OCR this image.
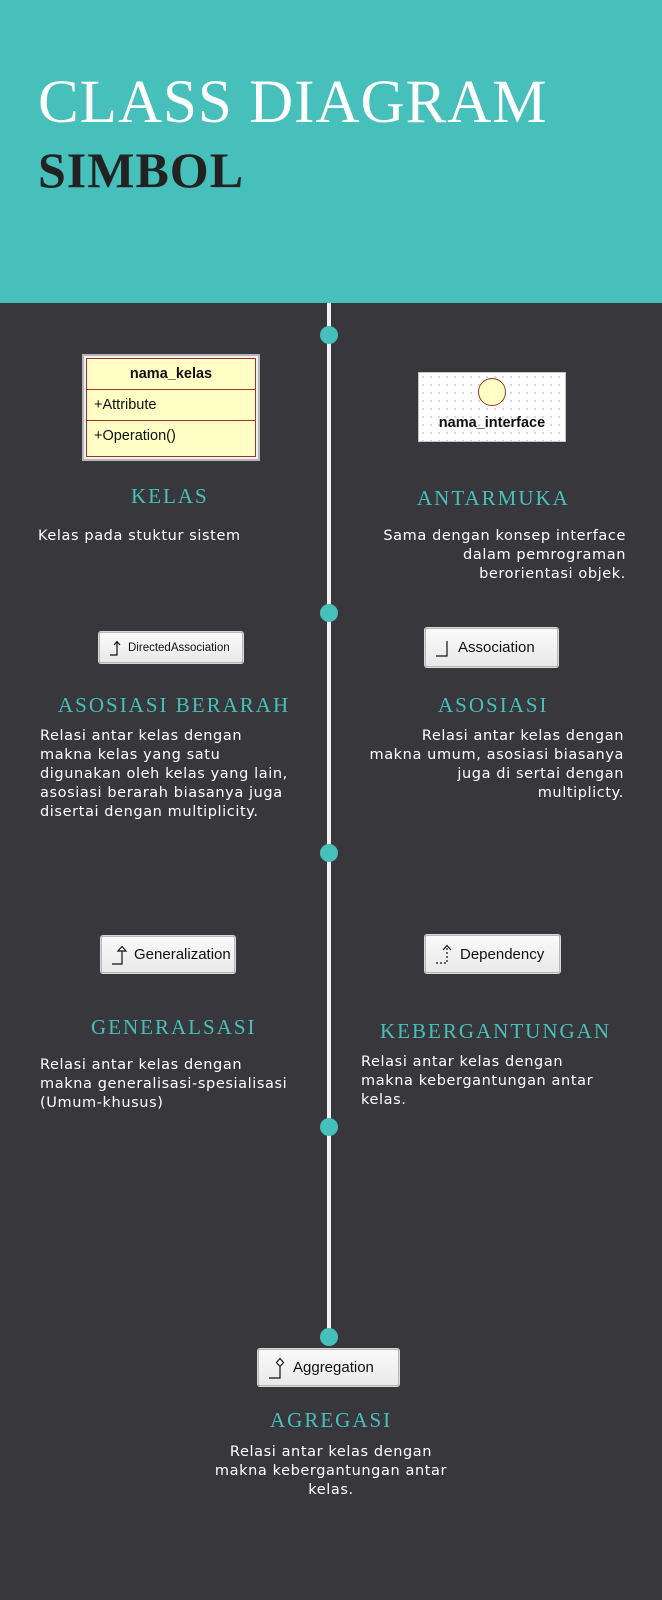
CLASS DIAGRAM
SIMBOL
nama_kelas
+Attribute
+Operation()
KELAS
Kelas pada stuktur sistem
nama_interface
ANTARMUKA
Sama dengan konsep interface
dalam pemrograman
berorientasi objek.
DirectedAssociation
ASOSIASI BERARAH
Relasi antar kelas dengan
makna kelas yang satu
digunakan oleh kelas yang lain,
asosiasi berarah biasanya juga
disertai dengan multiplicity.
Association
ASOSIASI
Relasi antar kelas dengan
makna umum, asosiasi biasanya
juga di sertai dengan
multiplicty.
Generalization
GENERALSASI
Relasi antar kelas dengan
makna generalisasi-spesialisasi
(Umum-khusus)
Dependency
KEBERGANTUNGAN
Relasi antar kelas dengan
makna kebergantungan antar
kelas.
Aggregation
AGREGASI
Relasi antar kelas dengan
makna kebergantungan antar
kelas.
